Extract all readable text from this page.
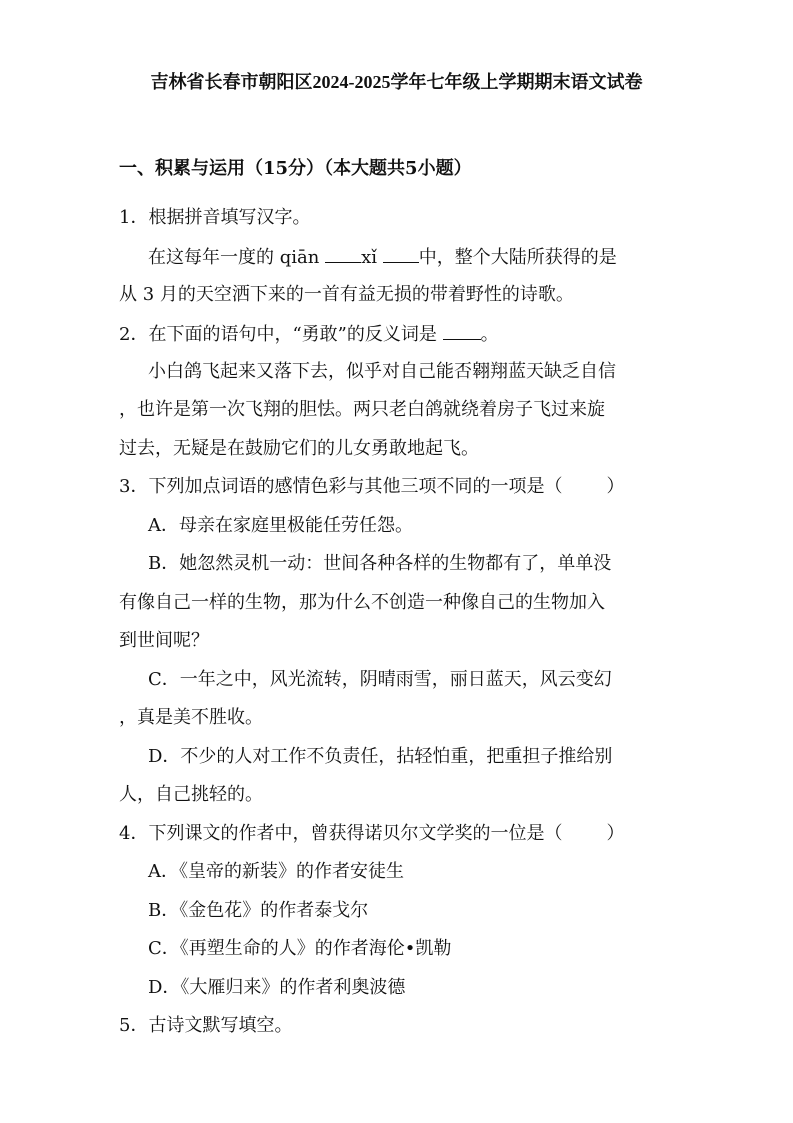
吉林省长春市朝阳区2024-2025学年七年级上学期期末语文试卷
一、积累与运用（15分）（本大题共5小题）
1．根据拼音填写汉字。
在这每年一度的 qiān xǐ 中，整个大陆所获得的是
从 3 月的天空洒下来的一首有益无损的带着野性的诗歌。
2．在下面的语句中，“勇敢”的反义词是 。
小白鸽飞起来又落下去，似乎对自己能否翱翔蓝天缺乏自信
，也许是第一次飞翔的胆怯。两只老白鸽就绕着房子飞过来旋
过去，无疑是在鼓励它们的儿女勇敢地起飞。
3．下列加点词语的感情色彩与其他三项不同的一项是（ ）
A．母亲在家庭里极能任劳任怨。
B．她忽然灵机一动：世间各种各样的生物都有了，单单没
有像自己一样的生物，那为什么不创造一种像自己的生物加入
到世间呢？
C．一年之中，风光流转，阴晴雨雪，丽日蓝天，风云变幻
，真是美不胜收。
D．不少的人对工作不负责任，拈轻怕重，把重担子推给别
人，自己挑轻的。
4．下列课文的作者中，曾获得诺贝尔文学奖的一位是（ ）
A．《皇帝的新装》的作者安徒生
B．《金色花》的作者泰戈尔
C．《再塑生命的人》的作者海伦•凯勒
D．《大雁归来》的作者利奥波德
5．古诗文默写填空。
